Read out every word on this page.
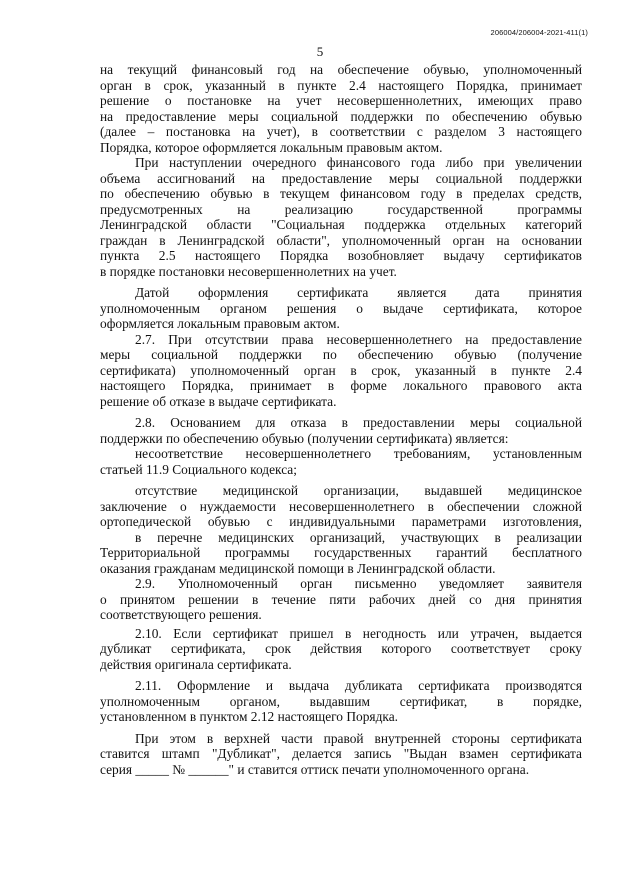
206004/206004-2021-411(1)
5
на текущий финансовый год на обеспечение обувью, уполномоченный
орган в срок, указанный в пункте 2.4 настоящего Порядка, принимает
решение о постановке на учет несовершеннолетних, имеющих право
на предоставление меры социальной поддержки по обеспечению обувью
(далее – постановка на учет), в соответствии с разделом 3 настоящего
Порядка, которое оформляется локальным правовым актом.
При наступлении очередного финансового года либо при увеличении
объема ассигнований на предоставление меры социальной поддержки
по обеспечению обувью в текущем финансовом году в пределах средств,
предусмотренных на реализацию государственной программы
Ленинградской области "Социальная поддержка отдельных категорий
граждан в Ленинградской области", уполномоченный орган на основании
пункта 2.5 настоящего Порядка возобновляет выдачу сертификатов
в порядке постановки несовершеннолетних на учет.
Датой оформления сертификата является дата принятия
уполномоченным органом решения о выдаче сертификата, которое
оформляется локальным правовым актом.
2.7. При отсутствии права несовершеннолетнего на предоставление
меры социальной поддержки по обеспечению обувью (получение
сертификата) уполномоченный орган в срок, указанный в пункте 2.4
настоящего Порядка, принимает в форме локального правового акта
решение об отказе в выдаче сертификата.
2.8. Основанием для отказа в предоставлении меры социальной
поддержки по обеспечению обувью (получении сертификата) является:
несоответствие несовершеннолетнего требованиям, установленным
статьей 11.9 Социального кодекса;
отсутствие медицинской организации, выдавшей медицинское
заключение о нуждаемости несовершеннолетнего в обеспечении сложной
ортопедической обувью с индивидуальными параметрами изготовления,
в перечне медицинских организаций, участвующих в реализации
Территориальной программы государственных гарантий бесплатного
оказания гражданам медицинской помощи в Ленинградской области.
2.9. Уполномоченный орган письменно уведомляет заявителя
о принятом решении в течение пяти рабочих дней со дня принятия
соответствующего решения.
2.10. Если сертификат пришел в негодность или утрачен, выдается
дубликат сертификата, срок действия которого соответствует сроку
действия оригинала сертификата.
2.11. Оформление и выдача дубликата сертификата производятся
уполномоченным органом, выдавшим сертификат, в порядке,
установленном в пунктом 2.12 настоящего Порядка.
При этом в верхней части правой внутренней стороны сертификата
ставится штамп "Дубликат", делается запись "Выдан взамен сертификата
серия _____ № ______" и ставится оттиск печати уполномоченного органа.
